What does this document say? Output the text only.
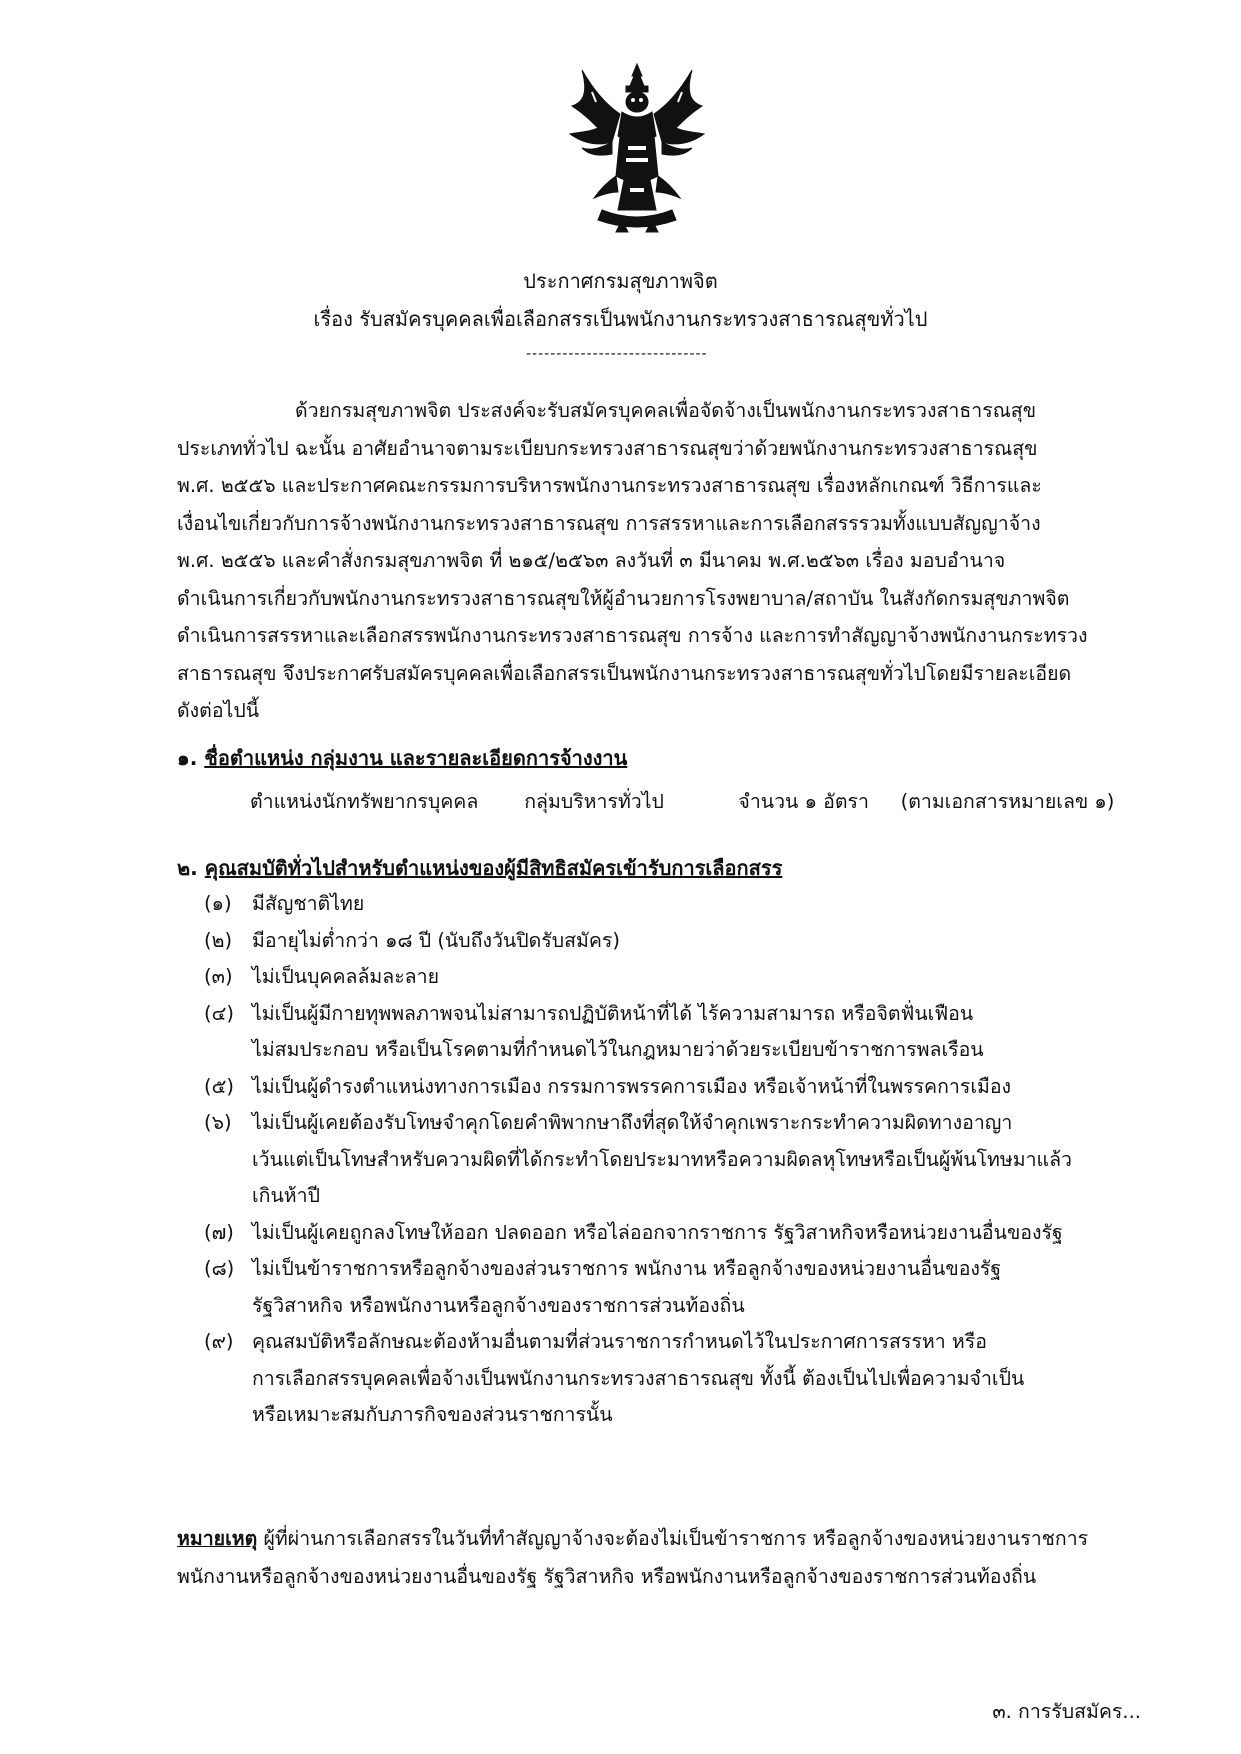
ประกาศกรมสุขภาพจิต
เรื่อง รับสมัครบุคคลเพื่อเลือกสรรเป็นพนักงานกระทรวงสาธารณสุขทั่วไป
------------------------------
ด้วยกรมสุขภาพจิต ประสงค์จะรับสมัครบุคคลเพื่อจัดจ้างเป็นพนักงานกระทรวงสาธารณสุข
ประเภททั่วไป ฉะนั้น อาศัยอำนาจตามระเบียบกระทรวงสาธารณสุขว่าด้วยพนักงานกระทรวงสาธารณสุข
พ.ศ. ๒๕๕๖ และประกาศคณะกรรมการบริหารพนักงานกระทรวงสาธารณสุข เรื่องหลักเกณฑ์ วิธีการและ
เงื่อนไขเกี่ยวกับการจ้างพนักงานกระทรวงสาธารณสุข การสรรหาและการเลือกสรรรวมทั้งแบบสัญญาจ้าง
พ.ศ. ๒๕๕๖ และคำสั่งกรมสุขภาพจิต ที่ ๒๑๕/๒๕๖๓ ลงวันที่ ๓ มีนาคม พ.ศ.๒๕๖๓ เรื่อง มอบอำนาจ
ดำเนินการเกี่ยวกับพนักงานกระทรวงสาธารณสุขให้ผู้อำนวยการโรงพยาบาล/สถาบัน ในสังกัดกรมสุขภาพจิต
ดำเนินการสรรหาและเลือกสรรพนักงานกระทรวงสาธารณสุข การจ้าง และการทำสัญญาจ้างพนักงานกระทรวง
สาธารณสุข จึงประกาศรับสมัครบุคคลเพื่อเลือกสรรเป็นพนักงานกระทรวงสาธารณสุขทั่วไปโดยมีรายละเอียด
ดังต่อไปนี้
๑. ชื่อตำแหน่ง กลุ่มงาน และรายละเอียดการจ้างงาน
ตำแหน่งนักทรัพยากรบุคคล กลุ่มบริหารทั่วไป	จำนวน ๑ อัตรา (ตามเอกสารหมายเลข ๑)
๒. คุณสมบัติทั่วไปสำหรับตำแหน่งของผู้มีสิทธิสมัครเข้ารับการเลือกสรร
(๑)	มีสัญชาติไทย
(๒)	มีอายุไม่ต่ำกว่า ๑๘ ปี (นับถึงวันปิดรับสมัคร)
(๓) ไม่เป็นบุคคลล้มละลาย
(๔) ไม่เป็นผู้มีกายทุพพลภาพจนไม่สามารถปฏิบัติหน้าที่ได้ ไร้ความสามารถ หรือจิตฟั่นเฟือน
ไม่สมประกอบ หรือเป็นโรคตามที่กำหนดไว้ในกฎหมายว่าด้วยระเบียบข้าราชการพลเรือน
(๕) ไม่เป็นผู้ดำรงตำแหน่งทางการเมือง กรรมการพรรคการเมือง หรือเจ้าหน้าที่ในพรรคการเมือง
(๖)	ไม่เป็นผู้เคยต้องรับโทษจำคุกโดยคำพิพากษาถึงที่สุดให้จำคุกเพราะกระทำความผิดทางอาญา
เว้นแต่เป็นโทษสำหรับความผิดที่ได้กระทำโดยประมาทหรือความผิดลหุโทษหรือเป็นผู้พ้นโทษมาแล้ว
เกินห้าปี
(๗) ไม่เป็นผู้เคยถูกลงโทษให้ออก ปลดออก หรือไล่ออกจากราชการ รัฐวิสาหกิจหรือหน่วยงานอื่นของรัฐ
(๘) ไม่เป็นข้าราชการหรือลูกจ้างของส่วนราชการ พนักงาน หรือลูกจ้างของหน่วยงานอื่นของรัฐ
รัฐวิสาหกิจ หรือพนักงานหรือลูกจ้างของราชการส่วนท้องถิ่น
(๙) คุณสมบัติหรือลักษณะต้องห้ามอื่นตามที่ส่วนราชการกำหนดไว้ในประกาศการสรรหา หรือ
การเลือกสรรบุคคลเพื่อจ้างเป็นพนักงานกระทรวงสาธารณสุข ทั้งนี้ ต้องเป็นไปเพื่อความจำเป็น
หรือเหมาะสมกับภารกิจของส่วนราชการนั้น
หมายเหตุ ผู้ที่ผ่านการเลือกสรรในวันที่ทำสัญญาจ้างจะต้องไม่เป็นข้าราชการ หรือลูกจ้างของหน่วยงานราชการ
พนักงานหรือลูกจ้างของหน่วยงานอื่นของรัฐ รัฐวิสาหกิจ หรือพนักงานหรือลูกจ้างของราชการส่วนท้องถิ่น
๓. การรับสมัคร...
